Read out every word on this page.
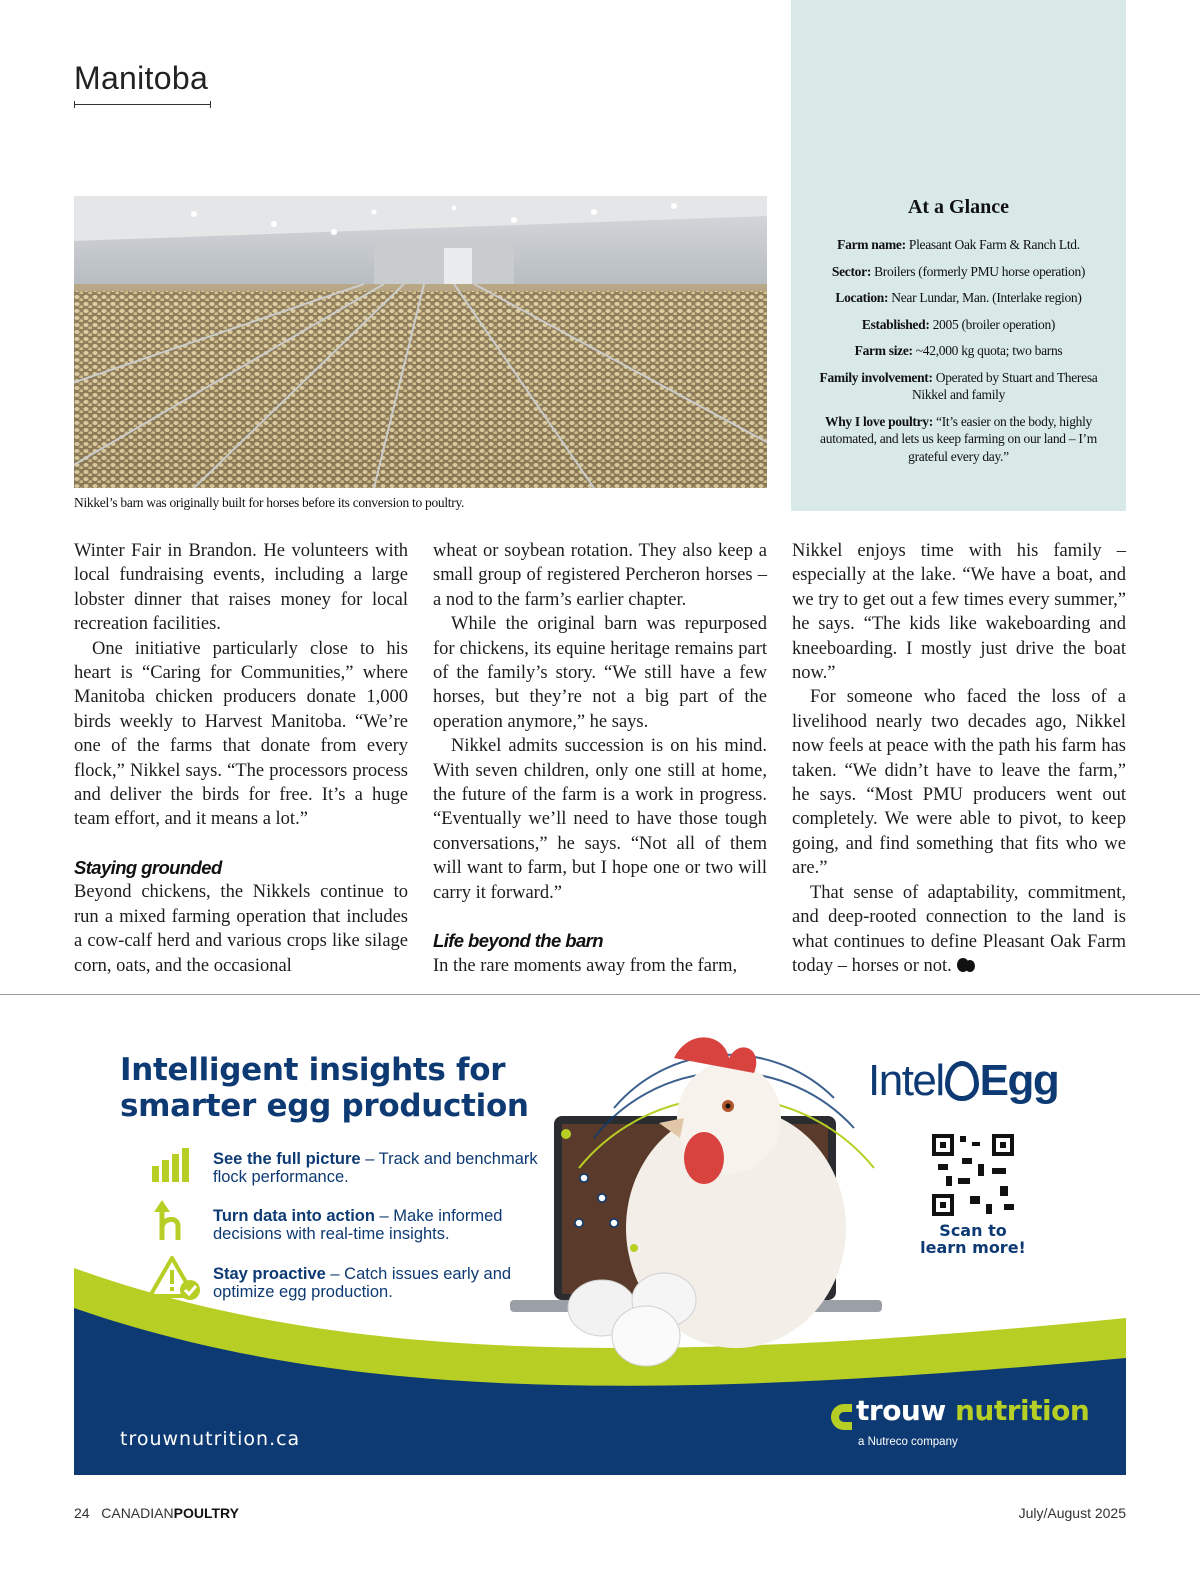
Manitoba
At a Glance
Farm name: Pleasant Oak Farm & Ranch Ltd.
Sector: Broilers (formerly PMU horse operation)
Location: Near Lundar, Man. (Interlake region)
Established: 2005 (broiler operation)
Farm size: ~42,000 kg quota; two barns
Family involvement: Operated by Stuart and Theresa Nikkel and family
Why I love poultry: “It’s easier on the body, highly automated, and lets us keep farming on our land – I’m grateful every day.”
Nikkel’s barn was originally built for horses before its conversion to poultry.

Winter Fair in Brandon. He volunteers with local fundraising events, including a large lobster dinner that raises money for local recreation facilities.

One initiative particularly close to his heart is “Caring for Communities,” where Manitoba chicken producers donate 1,000 birds weekly to Harvest Manitoba. “We’re one of the farms that donate from every flock,” Nikkel says. “The processors process and deliver the birds for free. It’s a huge team effort, and it means a lot.”

Staying grounded

Beyond chickens, the Nikkels continue to run a mixed farming operation that includes a cow-calf herd and various crops like silage corn, oats, and the occasional

wheat or soybean rotation. They also keep a small group of registered Percheron horses – a nod to the farm’s earlier chapter.

While the original barn was repurposed for chickens, its equine heritage remains part of the family’s story. “We still have a few horses, but they’re not a big part of the operation anymore,” he says.

Nikkel admits succession is on his mind. With seven children, only one still at home, the future of the farm is a work in progress. “Eventually we’ll need to have those tough conversations,” he says. “Not all of them will want to farm, but I hope one or two will carry it forward.”

Life beyond the barn

In the rare moments away from the farm,

Nikkel enjoys time with his family – especially at the lake. “We have a boat, and we try to get out a few times every summer,” he says. “The kids like wakeboarding and kneeboarding. I mostly just drive the boat now.”

For someone who faced the loss of a livelihood nearly two decades ago, Nikkel now feels at peace with the path his farm has taken. “We didn’t have to leave the farm,” he says. “Most PMU producers went out completely. We were able to pivot, to keep going, and find something that fits who we are.”

That sense of adaptability, commitment, and deep-rooted connection to the land is what continues to define Pleasant Oak Farm today – horses or not.

Intelligent insights for
smarter egg production
See the full picture – Track and benchmark flock performance.
Turn data into action – Make informed decisions with real-time insights.
Stay proactive – Catch issues early and optimize egg production.
Intel Egg
Scan to
learn more!
trouw nutrition
a Nutreco company
trouwnutrition.ca
24 CANADIANPOULTRY	July/August 2025
